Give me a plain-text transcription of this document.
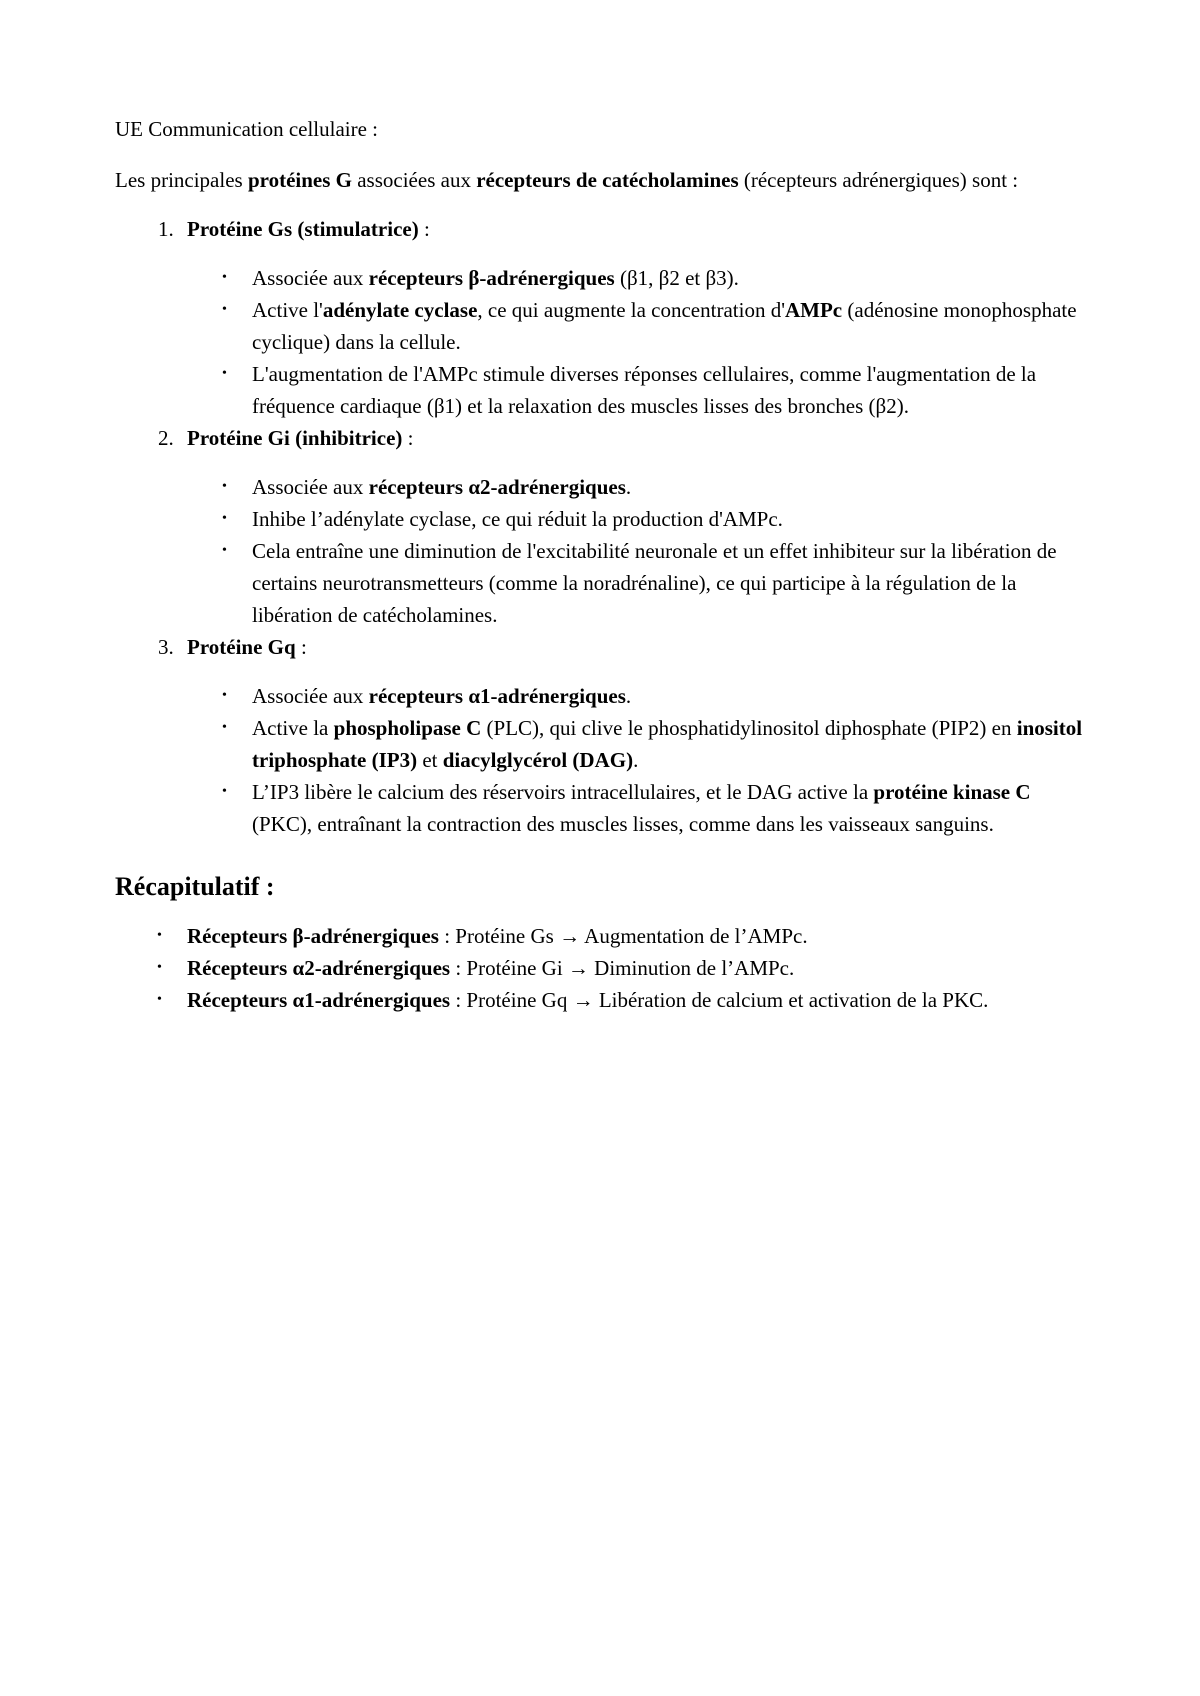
UE Communication cellulaire :

Les principales protéines G associées aux récepteurs de catécholamines (récepteurs adrénergiques) sont :

1. Protéine Gs (stimulatrice) :

• Associée aux récepteurs β-adrénergiques (β1, β2 et β3).
• Active l'adénylate cyclase, ce qui augmente la concentration d'AMPc (adénosine monophosphate cyclique) dans la cellule.
• L'augmentation de l'AMPc stimule diverses réponses cellulaires, comme l'augmentation de la fréquence cardiaque (β1) et la relaxation des muscles lisses des bronches (β2).
2. Protéine Gi (inhibitrice) :

• Associée aux récepteurs α2-adrénergiques.
• Inhibe l’adénylate cyclase, ce qui réduit la production d'AMPc.
• Cela entraîne une diminution de l'excitabilité neuronale et un effet inhibiteur sur la libération de certains neurotransmetteurs (comme la noradrénaline), ce qui participe à la régulation de la libération de catécholamines.
3. Protéine Gq :

• Associée aux récepteurs α1-adrénergiques.
• Active la phospholipase C (PLC), qui clive le phosphatidylinositol diphosphate (PIP2) en inositol triphosphate (IP3) et diacylglycérol (DAG).
• L’IP3 libère le calcium des réservoirs intracellulaires, et le DAG active la protéine kinase C (PKC), entraînant la contraction des muscles lisses, comme dans les vaisseaux sanguins.
Récapitulatif :
• Récepteurs β-adrénergiques : Protéine Gs → Augmentation de l’AMPc.
• Récepteurs α2-adrénergiques : Protéine Gi → Diminution de l’AMPc.
• Récepteurs α1-adrénergiques : Protéine Gq → Libération de calcium et activation de la PKC.
